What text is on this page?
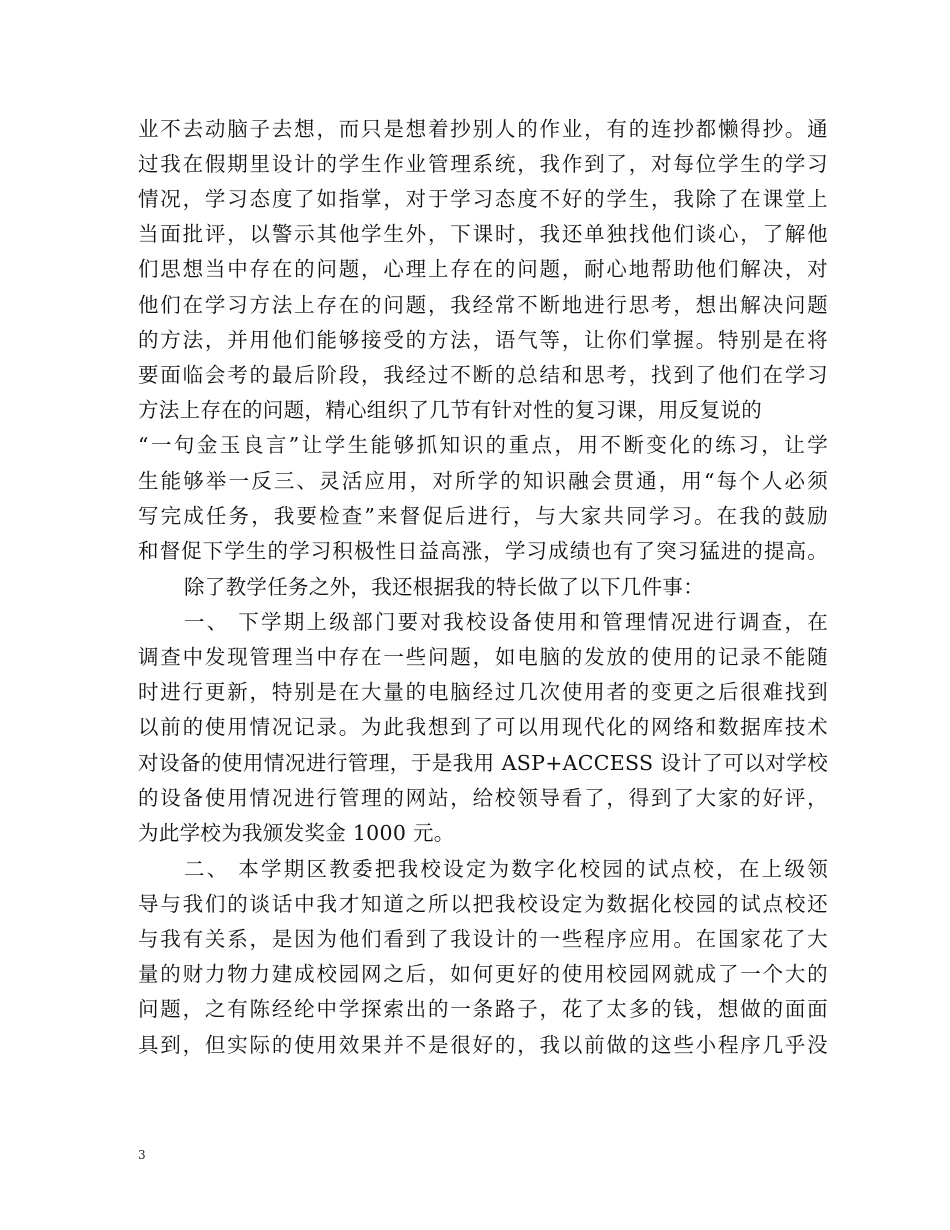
业不去动脑子去想，而只是想着抄别人的作业，有的连抄都懒得抄。通
过我在假期里设计的学生作业管理系统，我作到了，对每位学生的学习
情况，学习态度了如指掌，对于学习态度不好的学生，我除了在课堂上
当面批评，以警示其他学生外，下课时，我还单独找他们谈心，了解他
们思想当中存在的问题，心理上存在的问题，耐心地帮助他们解决，对
他们在学习方法上存在的问题，我经常不断地进行思考，想出解决问题
的方法，并用他们能够接受的方法，语气等，让你们掌握。特别是在将
要面临会考的最后阶段，我经过不断的总结和思考，找到了他们在学习
方法上存在的问题，精心组织了几节有针对性的复习课，用反复说的
“一句金玉良言”让学生能够抓知识的重点，用不断变化的练习，让学
生能够举一反三、灵活应用，对所学的知识融会贯通，用“每个人必须
写完成任务，我要检查”来督促后进行，与大家共同学习。在我的鼓励
和督促下学生的学习积极性日益高涨，学习成绩也有了突习猛进的提高。
除了教学任务之外，我还根据我的特长做了以下几件事：
一、 下学期上级部门要对我校设备使用和管理情况进行调查，在
调查中发现管理当中存在一些问题，如电脑的发放的使用的记录不能随
时进行更新，特别是在大量的电脑经过几次使用者的变更之后很难找到
以前的使用情况记录。为此我想到了可以用现代化的网络和数据库技术
对设备的使用情况进行管理，于是我用 ASP+ACCESS 设计了可以对学校
的设备使用情况进行管理的网站，给校领导看了，得到了大家的好评，
为此学校为我颁发奖金 1000 元。
二、 本学期区教委把我校设定为数字化校园的试点校，在上级领
导与我们的谈话中我才知道之所以把我校设定为数据化校园的试点校还
与我有关系，是因为他们看到了我设计的一些程序应用。在国家花了大
量的财力物力建成校园网之后，如何更好的使用校园网就成了一个大的
问题，之有陈经纶中学探索出的一条路子，花了太多的钱，想做的面面
具到，但实际的使用效果并不是很好的，我以前做的这些小程序几乎没
3
